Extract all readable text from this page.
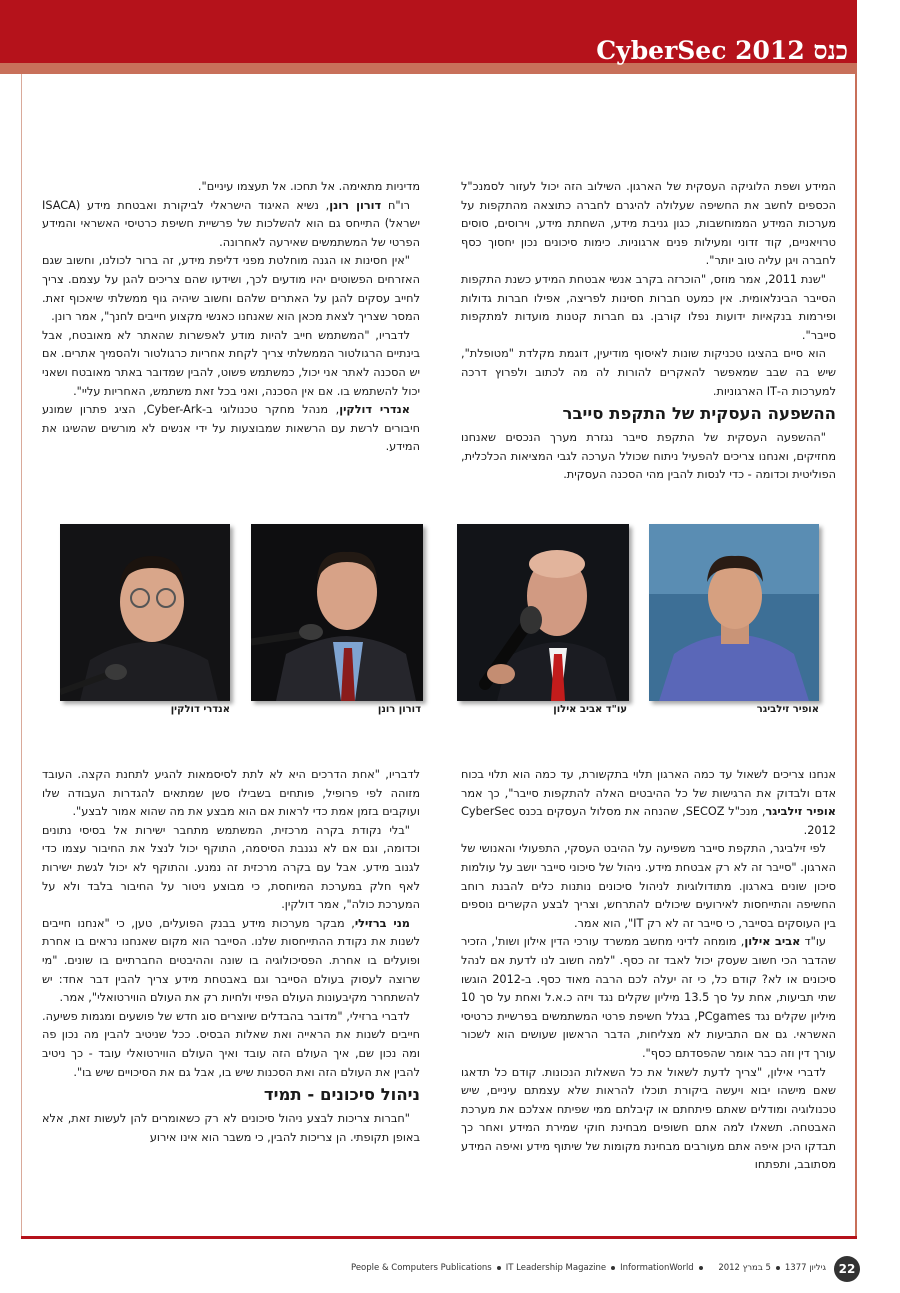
כנס CyberSec 2012

המידע ושפת הלוגיקה העסקית של הארגון. השילוב הזה יכול לעזור לסמנכ"ל הכספים לחשב את החשיפה שעלולה להיגרם לחברה כתוצאה מהתקפות על מערכות המידע הממוחשבות, כגון גניבת מידע, השחתת מידע, וירוסים, סוסים טרויאניים, קוד זדוני ומעילות פנים ארגוניות. כימות סיכונים נכון יחסוך כסף לחברה ויגן עליה טוב יותר".

"שנת 2011, אמר מוזס, "הוכרזה בקרב אנשי אבטחת המידע כשנת התקפות הסייבר הבינלאומית. אין כמעט חברות חסינות לפריצה, אפילו חברות גדולות ופירמות בנקאיות ידועות נפלו קורבן. גם חברות קטנות מועדות למתקפות סייבר".

הוא סיים בהציגו טכניקות שונות לאיסוף מודיעין, דוגמת מקלדת "מטופלת", שיש בה שבב שמאפשר להאקרים להורות לה מה לכתוב ולפרוץ דרכה למערכות ה-IT הארגוניות.

ההשפעה העסקית של התקפת סייבר

"ההשפעה העסקית של התקפת סייבר נגזרת מערך הנכסים שאנחנו מחזיקים, ואנחנו צריכים להפעיל ניתוח שכולל הערכה לגבי המציאות הכלכלית, הפוליטית וכדומה - כדי לנסות להבין מהי הסכנה העסקית.

מדיניות מתאימה. אל תחכו. אל תעצמו עיניים".

רו"ח דורון רונן, נשיא האיגוד הישראלי לביקורת ואבטחת מידע (ISACA ישראל) התייחס גם הוא להשלכות של פרשיית חשיפת כרטיסי האשראי והמידע הפרטי של המשתמשים שאירעה לאחרונה.

"אין חסינות או הגנה מוחלטת מפני דליפת מידע, זה ברור לכולנו, וחשוב שגם האזרחים הפשוטים יהיו מודעים לכך, ושידעו שהם צריכים להגן על עצמם. צריך לחייב עסקים להגן על האתרים שלהם וחשוב שיהיה גוף ממשלתי שיאכוף זאת. המסר שצריך לצאת מכאן הוא שאנחנו כאנשי מקצוע חייבים לחנך", אמר רונן.

לדבריו, "המשתמש חייב להיות מודע לאפשרות שהאתר לא מאובטח, אבל בינתיים הרגולטור הממשלתי צריך לקחת אחריות כרגולטור ולהסמיך אתרים. אם יש הסכנה לאתר אני יכול, כמשתמש פשוט, להבין שמדובר באתר מאובטח ושאני יכול להשתמש בו. אם אין הסכנה, ואני בכל זאת משתמש, האחריות עליי".

אנדרי דולקין, מנהל מחקר טכנולוגי ב-Cyber-Ark, הציג פתרון שמונע חיבורים לרשת עם הרשאות שמבוצעות על ידי אנשים לא מורשים שהשיגו את המידע.

אופיר זילביגר
עו"ד אביב אילון
דורון רונן
אנדרי דולקין

אנחנו צריכים לשאול עד כמה הארגון תלוי בתקשורת, עד כמה הוא תלוי בכוח אדם ולבדוק את הרגישות של כל ההיבטים האלה להתקפות סייבר", כך אמר אופיר זילביגר, מנכ"ל SECOZ, שהנחה את מסלול העסקים בכנס CyberSec 2012.

לפי זילביגר, התקפת סייבר משפיעה על ההיבט העסקי, התפעולי והאנושי של הארגון. "סייבר זה לא רק אבטחת מידע. ניהול של סיכוני סייבר יושב על עולמות סיכון שונים בארגון. מתודולוגיות לניהול סיכונים נותנות כלים להבנת רוחב החשיפה והתייחסות לאירועים שיכולים להתרחש, וצריך לבצע הקשרים נוספים בין העוסקים בסייבר, כי סייבר זה לא רק IT", הוא אמר.

עו"ד אביב אילון, מומחה לדיני מחשב ממשרד עורכי הדין אילון ושות', הזכיר שהדבר הכי חשוב שעסק יכול לאבד זה כסף. "למה חשוב לנו לדעת אם לנהל סיכונים או לא? קודם כל, כי זה יעלה לכם הרבה מאוד כסף. ב-2012 הוגשו שתי תביעות, אחת על סך 13.5 מיליון שקלים נגד ויזה כ.א.ל ואחת על סך 10 מיליון שקלים נגד PCgames, בגלל חשיפת פרטי המשתמשים בפרשיית כרטיסי האשראי. גם אם התביעות לא מצליחות, הדבר הראשון שעושים הוא לשכור עורך דין וזה כבר אומר שהפסדתם כסף".

לדברי אילון, "צריך לדעת לשאול את כל השאלות הנכונות. קודם כל תדאגו שאם מישהו יבוא ויעשה ביקורת תוכלו להראות שלא עצמתם עיניים, שיש טכנולוגיה ומודלים שאתם פיתחתם או קיבלתם ממי שפיתח אצלכם את מערכת האבטחה. תשאלו למה אתם חשופים מבחינת חוקי שמירת המידע ואחר כך תבדקו היכן איפה אתם מעורבים מבחינת מקומות של שיתוף מידע ואיפה המידע מסתובב, ותפתחו

לדבריו, "אחת הדרכים היא לא לתת לסיסמאות להגיע לתחנת הקצה. העובד מזוהה לפי פרופיל, פותחים בשבילו סשן שמתאים להגדרות העבודה שלו ועוקבים בזמן אמת כדי לראות אם הוא מבצע את מה שהוא אמור לבצע".

"בלי נקודת בקרה מרכזית, המשתמש מתחבר ישירות אל בסיסי נתונים וכדומה, וגם אם לא נגנבת הסיסמה, התוקף יכול לנצל את החיבור עצמו כדי לגנוב מידע. אבל עם בקרה מרכזית זה נמנע. והתוקף לא יכול לגשת ישירות לאף חלק במערכת המיוחסת, כי מבוצע ניטור על החיבור בלבד ולא על המערכת כולה", אמר דולקין.

מני ברזילי, מבקר מערכות מידע בבנק הפועלים, טען, כי "אנחנו חייבים לשנות את נקודת ההתייחסות שלנו. הסייבר הוא מקום שאנחנו נראים בו אחרת ופועלים בו אחרת. הפסיכולוגיה בו שונה וההיבטים החברתיים בו שונים. "מי שרוצה לעסוק בעולם הסייבר וגם באבטחת מידע צריך להבין דבר אחד: יש להשתחרר מקיבעונות העולם הפיזי ולחיות רק את העולם הווירטואלי", אמר.

לדברי ברזילי, "מדובר בהבדלים שיוצרים סוג חדש של פושעים ומגמות פשיעה. חייבים לשנות את הראייה ואת שאלות הבסיס. ככל שניטיב להבין מה נכון פה ומה נכון שם, איך העולם הזה עובד ואיך העולם הווירטואלי עובד - כך ניטיב להבין את העולם הזה ואת הסכנות שיש בו, אבל גם את הסיכויים שיש בו".

ניהול סיכונים - תמיד

"חברות צריכות לבצע ניהול סיכונים לא רק כשאומרים להן לעשות זאת, אלא באופן תקופתי. הן צריכות להבין, כי משבר הוא אינו אירוע

22
גיליון 13775 במרץ 2012
People & Computers Publications IT Leadership Magazine InformationWorld
